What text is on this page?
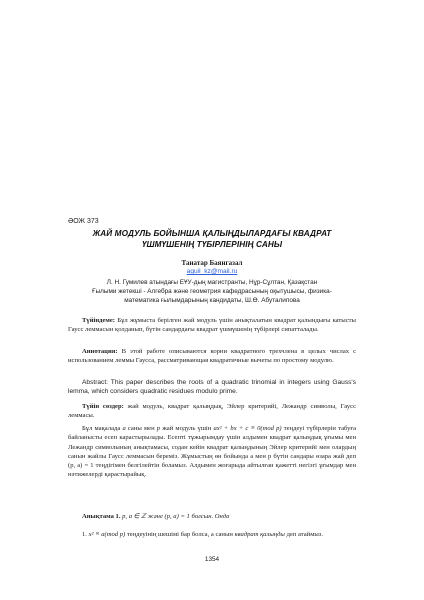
ӘОЖ 373
ЖАЙ МОДУЛЬ БОЙЫНША ҚАЛЫҢДЫЛАРДАҒЫ КВАДРАТ
ҮШМҮШЕНІҢ ТҮБІРЛЕРІНІҢ САНЫ
Танатар Баянгазал
aguil_kz@mail.ru
Л. Н. Гумилев атындағы ЕҰУ-дың магистранты, Нұр-Сұлтан, Қазақстан
Ғылыми жетекші - Алгебра және геометрия кафедрасының оқытушысы, физика-
математика ғылымдарының кандидаты, Ш.Ө. Абуталипова
Түйіндеме: Бұл жұмыста берілген жай модуль үшін анықталатын квадрат қалындығы катысты Гаусс леммасын қолданып, бүтін сандардағы квадрат үшмүшенің түбірлері сипатталады.
Аннотация: В этой работе описываются корни квадратного трехчлена в целых числах с использованием леммы Гаусса, рассматривающая квадратичные вычеты по простому модулю.
Abstract: This paper describes the roots of a quadratic trinomial in integers using Gauss's lemma, which considers quadratic residues modulo prime.
Түйін сөздер: жай модуль, квадрат қалыңдық, Эйлер критерийі, Лежандр символы, Гаусс леммасы.
Бұл мақалада a саны мен p жай модуль үшін ax² + bx + c ≡ 0(mod p) теңдеуі түбірлерін табуға байланысты есеп карастырылады. Есепті тұжырымдау үшін алдымен квадрат қалыңдық ұғымы мен Лежандр символының анықтамасы, содан кейін квадрат қалыңдының Эйлер критерийі мен олардың санын жайлы Гаусс леммасын береміз. Жұмыстың өн бойында a мен p бүтін сандары өзара жай деп (p, a) = 1 теңдігімен белгілейтін боламыз. Алдымен жоғарыда айтылған қажетті негізгі ұғымдар мен нәтижелерді қарастырайық.
Анықтама 1. p, a ∈ ℤ және (p, a) = 1 болсын. Онда
1. x² ≡ a(mod p) теңдеуінің шешімі бар болса, a санын квадрат қалыңды деп атаймыз.
1354
